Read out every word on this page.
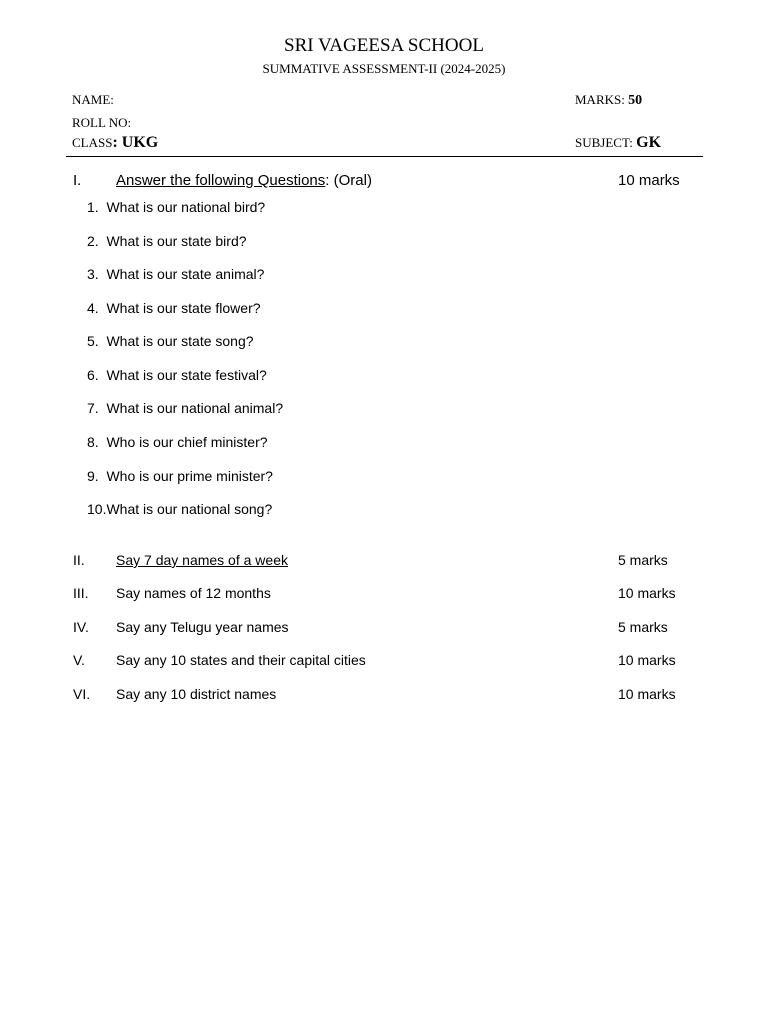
SRI VAGEESA SCHOOL
SUMMATIVE ASSESSMENT-II (2024-2025)
NAME:
ROLL NO:
CLASS: UKG
MARKS: 50
SUBJECT: GK
I. Answer the following Questions: (Oral)	10 marks
1. What is our national bird?
2. What is our state bird?
3. What is our state animal?
4. What is our state flower?
5. What is our state song?
6. What is our state festival?
7. What is our national animal?
8. Who is our chief minister?
9. Who is our prime minister?
10.What is our national song?
II. Say 7 day names of a week	5 marks
III. Say names of 12 months	10 marks
IV. Say any Telugu year names	5 marks
V. Say any 10 states and their capital cities	10 marks
VI. Say any 10 district names	10 marks
